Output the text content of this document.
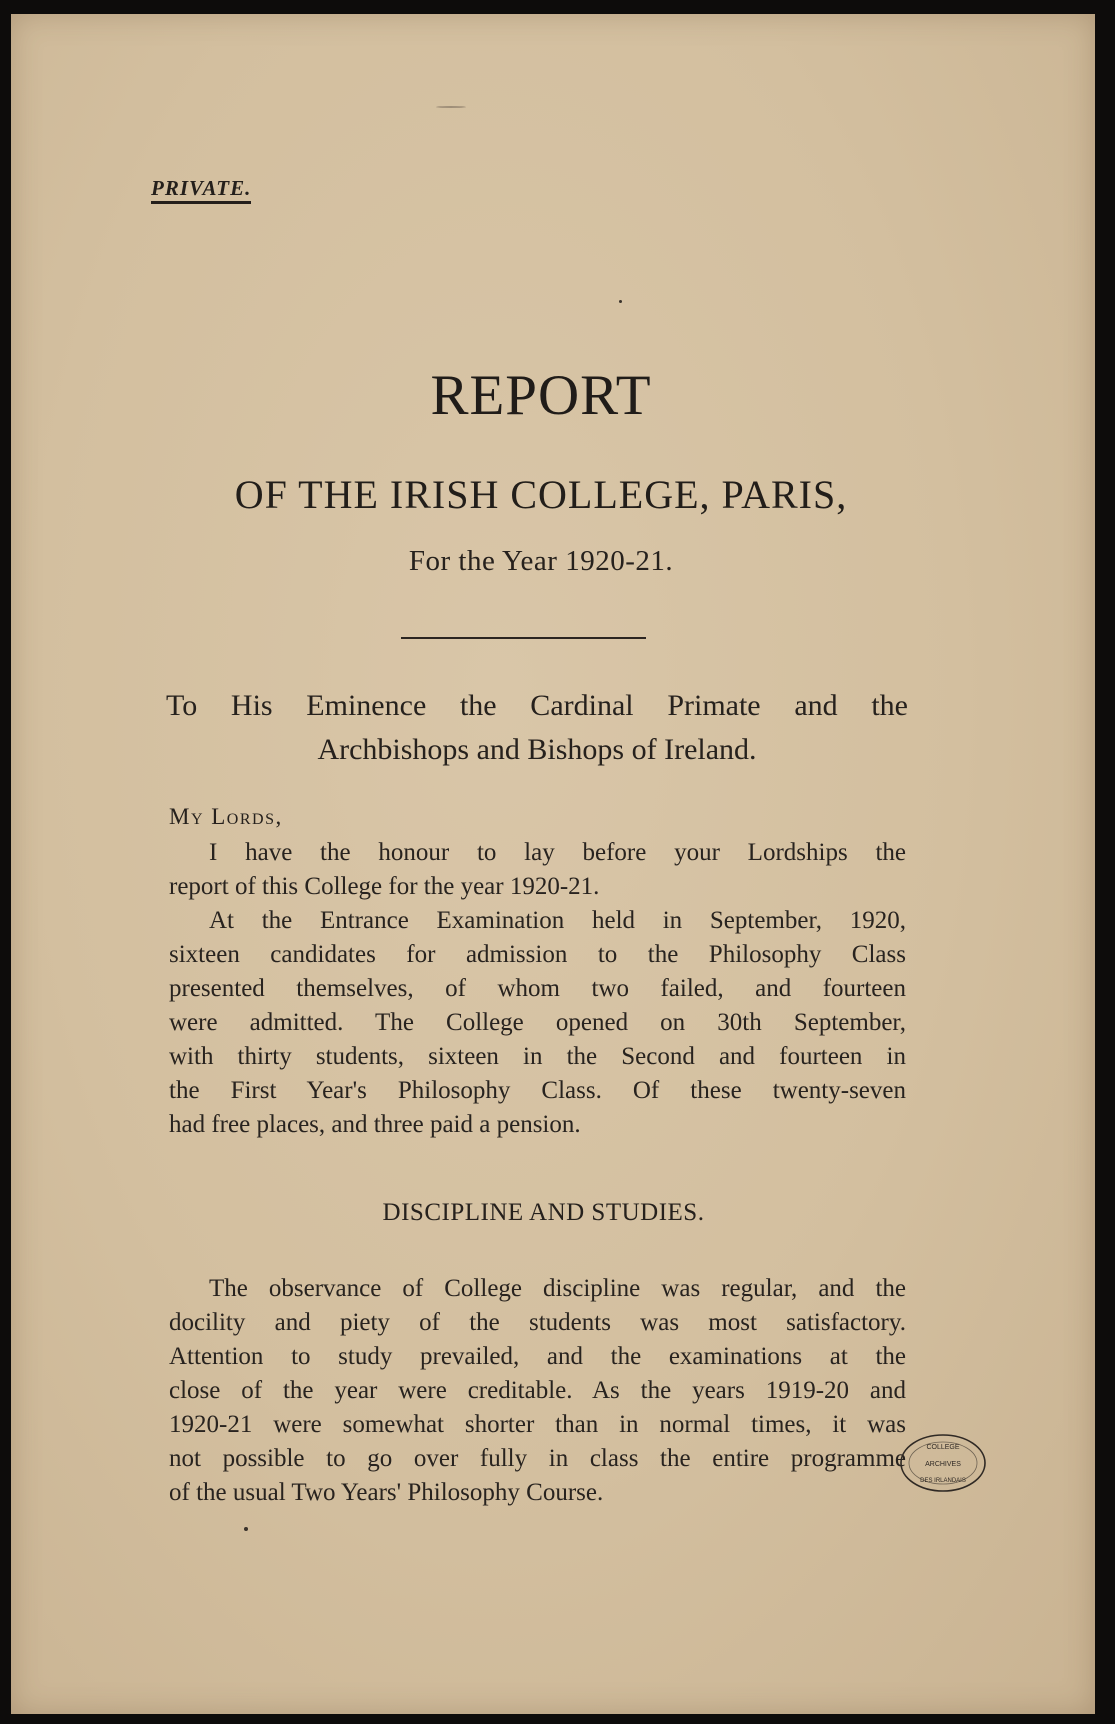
PRIVATE.
REPORT
OF THE IRISH COLLEGE, PARIS,
For the Year 1920-21.
To His Eminence the Cardinal Primate and the
Archbishops and Bishops of Ireland.
My Lords,
I have the honour to lay before your Lordships the
report of this College for the year 1920-21.
At the Entrance Examination held in September, 1920,
sixteen candidates for admission to the Philosophy Class
presented themselves, of whom two failed, and fourteen
were admitted. The College opened on 30th September,
with thirty students, sixteen in the Second and fourteen in
the First Year's Philosophy Class. Of these twenty-seven
had free places, and three paid a pension.
DISCIPLINE AND STUDIES.
The observance of College discipline was regular, and the
docility and piety of the students was most satisfactory.
Attention to study prevailed, and the examinations at the
close of the year were creditable. As the years 1919-20 and
1920-21 were somewhat shorter than in normal times, it was
not possible to go over fully in class the entire programme
of the usual Two Years' Philosophy Course.
COLLEGE
ARCHIVES
DES IRLANDAIS
